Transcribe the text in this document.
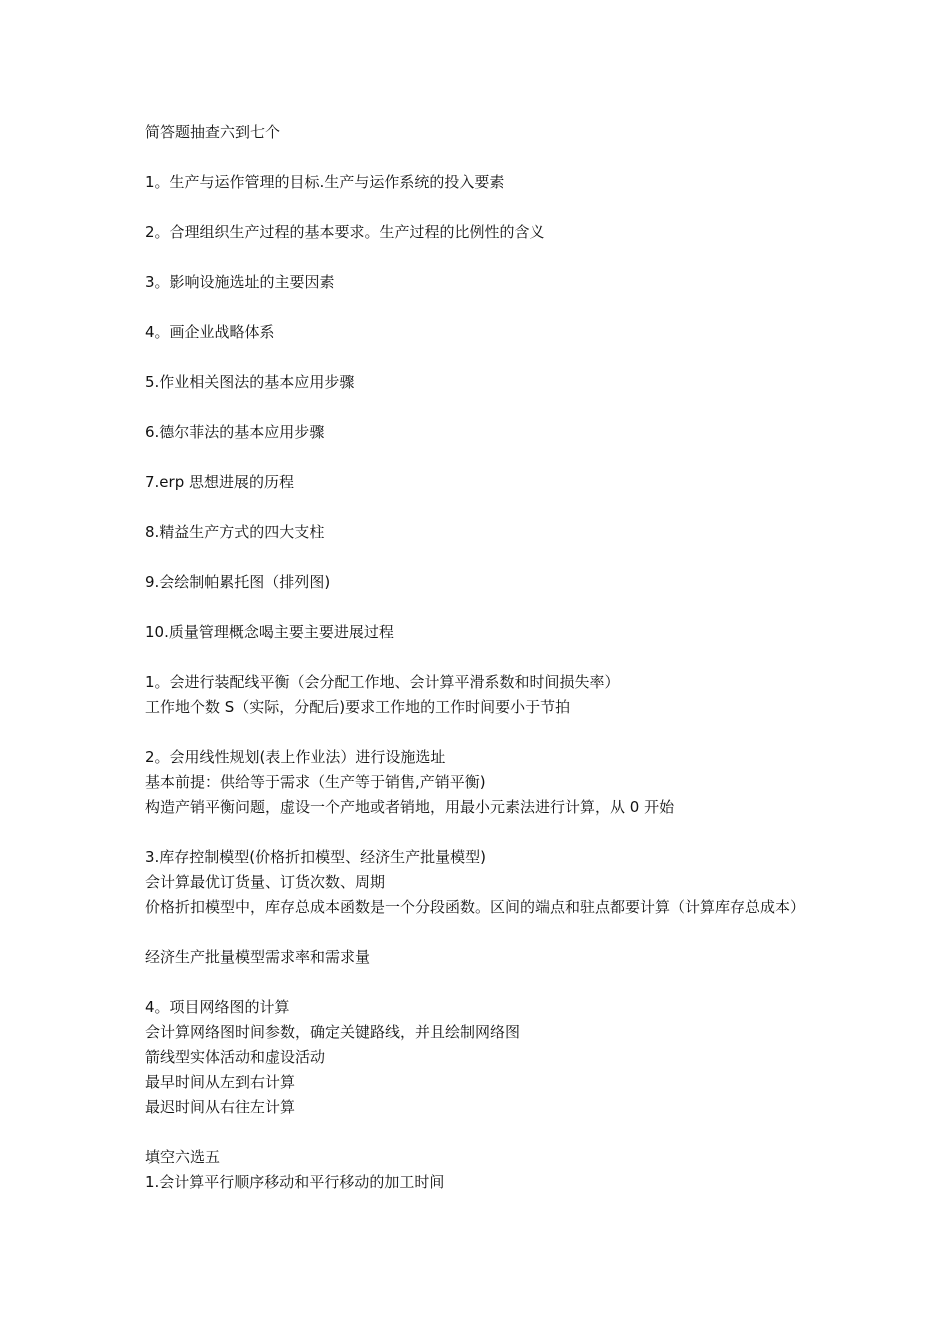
简答题抽查六到七个

1。生产与运作管理的目标.生产与运作系统的投入要素

2。合理组织生产过程的基本要求。生产过程的比例性的含义

3。影响设施选址的主要因素

4。画企业战略体系

5.作业相关图法的基本应用步骤

6.德尔菲法的基本应用步骤

7.erp 思想进展的历程

8.精益生产方式的四大支柱

9.会绘制帕累托图（排列图)

10.质量管理概念喝主要主要进展过程

1。会进行装配线平衡（会分配工作地、会计算平滑系数和时间损失率）

工作地个数 S（实际，分配后)要求工作地的工作时间要小于节拍

2。会用线性规划(表上作业法）进行设施选址

基本前提：供给等于需求（生产等于销售,产销平衡)

构造产销平衡问题，虚设一个产地或者销地，用最小元素法进行计算，从 0 开始

3.库存控制模型(价格折扣模型、经济生产批量模型)

会计算最优订货量、订货次数、周期

价格折扣模型中，库存总成本函数是一个分段函数。区间的端点和驻点都要计算（计算库存总成本）

经济生产批量模型需求率和需求量

4。项目网络图的计算

会计算网络图时间参数，确定关键路线，并且绘制网络图

箭线型实体活动和虚设活动

最早时间从左到右计算

最迟时间从右往左计算

填空六选五

1.会计算平行顺序移动和平行移动的加工时间
